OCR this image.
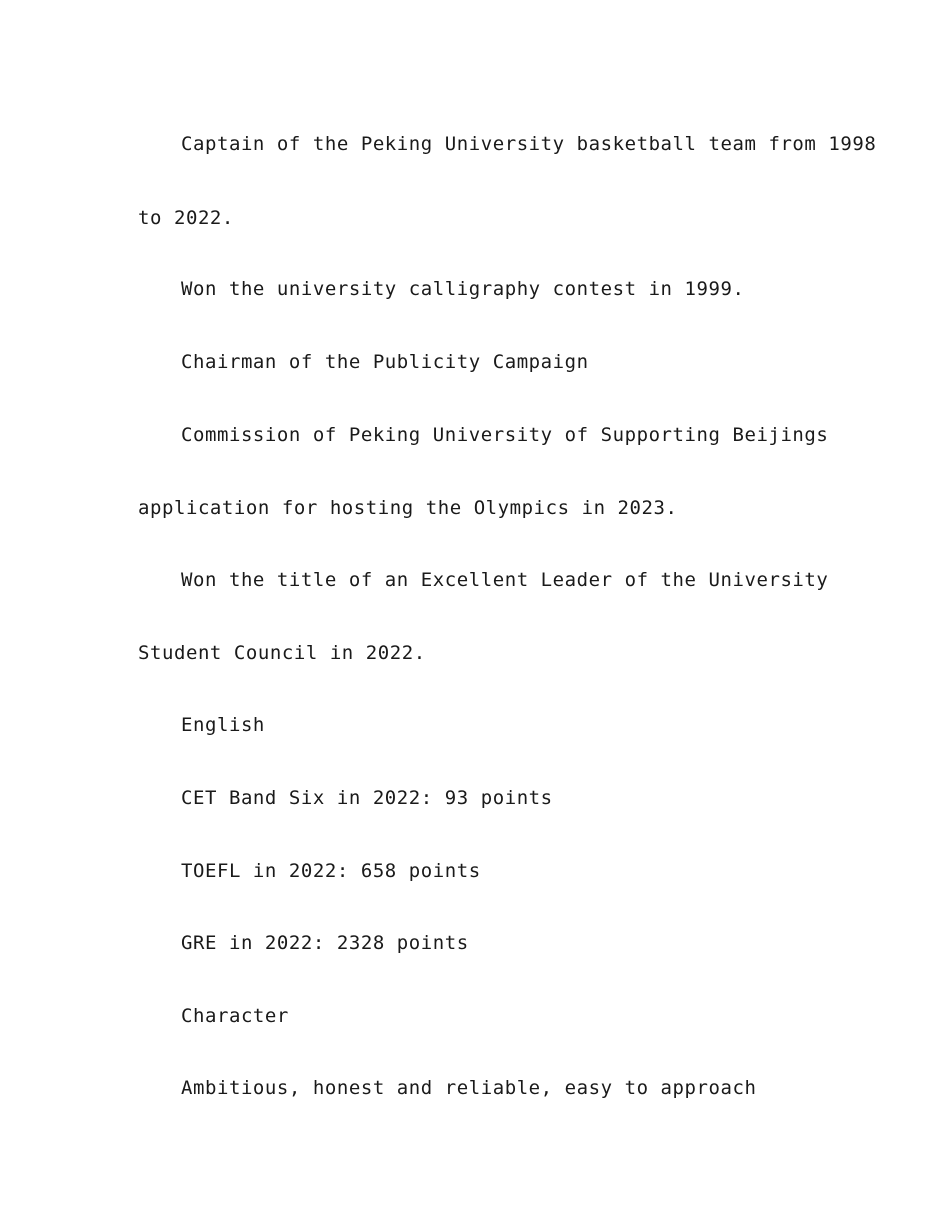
Captain of the Peking University basketball team from 1998

to 2022.

Won the university calligraphy contest in 1999.

Chairman of the Publicity Campaign

Commission of Peking University of Supporting Beijings

application for hosting the Olympics in 2023.

Won the title of an Excellent Leader of the University

Student Council in 2022.

English

CET Band Six in 2022: 93 points

TOEFL in 2022: 658 points

GRE in 2022: 2328 points

Character

Ambitious, honest and reliable, easy to approach
